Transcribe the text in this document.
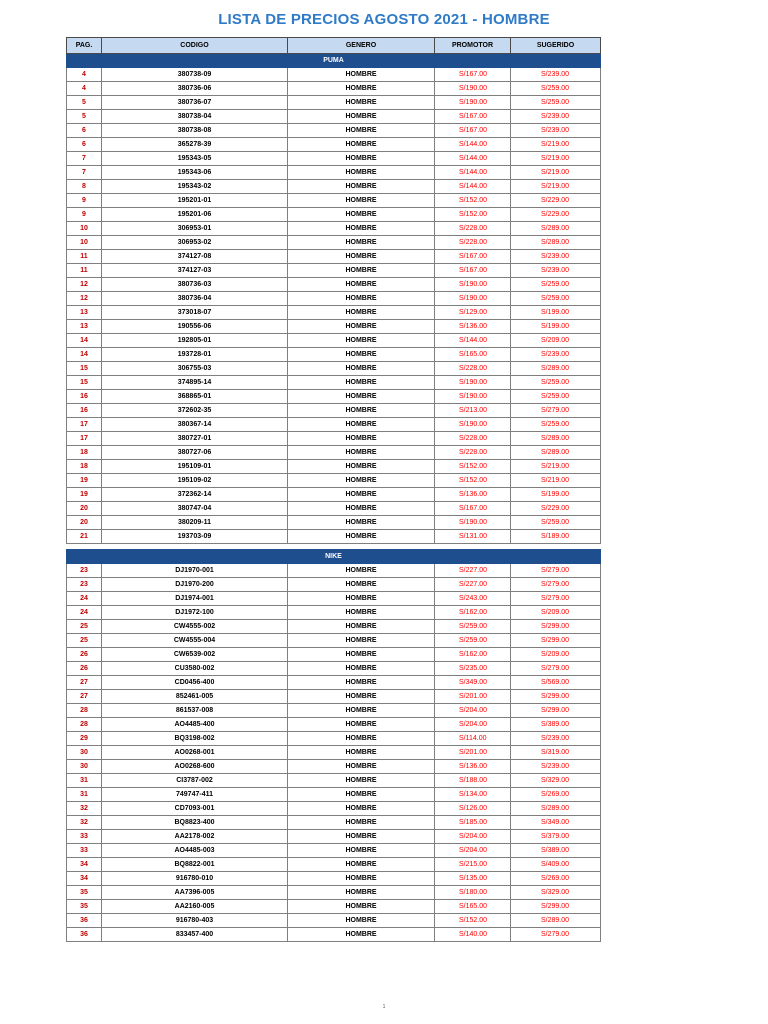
LISTA DE PRECIOS AGOSTO 2021 - HOMBRE
PAG.	CODIGO	GENERO	PROMOTOR	SUGERIDO
PUMA				
4	380738-09	HOMBRE	S/167.00	S/239.00
4	380736-06	HOMBRE	S/190.00	S/259.00
5	380736-07	HOMBRE	S/190.00	S/259.00
5	380738-04	HOMBRE	S/167.00	S/239.00
6	380738-08	HOMBRE	S/167.00	S/239.00
6	365278-39	HOMBRE	S/144.00	S/219.00
7	195343-05	HOMBRE	S/144.00	S/219.00
7	195343-06	HOMBRE	S/144.00	S/219.00
8	195343-02	HOMBRE	S/144.00	S/219.00
9	195201-01	HOMBRE	S/152.00	S/229.00
9	195201-06	HOMBRE	S/152.00	S/229.00
10	306953-01	HOMBRE	S/228.00	S/289.00
10	306953-02	HOMBRE	S/228.00	S/289.00
11	374127-08	HOMBRE	S/167.00	S/239.00
11	374127-03	HOMBRE	S/167.00	S/239.00
12	380736-03	HOMBRE	S/190.00	S/259.00
12	380736-04	HOMBRE	S/190.00	S/259.00
13	373018-07	HOMBRE	S/129.00	S/199.00
13	190556-06	HOMBRE	S/136.00	S/199.00
14	192805-01	HOMBRE	S/144.00	S/209.00
14	193728-01	HOMBRE	S/165.00	S/239.00
15	306755-03	HOMBRE	S/228.00	S/289.00
15	374895-14	HOMBRE	S/190.00	S/259.00
16	368865-01	HOMBRE	S/190.00	S/259.00
16	372602-35	HOMBRE	S/213.00	S/279.00
17	380367-14	HOMBRE	S/190.00	S/259.00
17	380727-01	HOMBRE	S/228.00	S/289.00
18	380727-06	HOMBRE	S/228.00	S/289.00
18	195109-01	HOMBRE	S/152.00	S/219.00
19	195109-02	HOMBRE	S/152.00	S/219.00
19	372362-14	HOMBRE	S/136.00	S/199.00
20	380747-04	HOMBRE	S/167.00	S/229.00
20	380209-11	HOMBRE	S/190.00	S/259.00
21	193703-09	HOMBRE	S/131.00	S/189.00

NIKE				
23	DJ1970-001	HOMBRE	S/227.00	S/279.00
23	DJ1970-200	HOMBRE	S/227.00	S/279.00
24	DJ1974-001	HOMBRE	S/243.00	S/279.00
24	DJ1972-100	HOMBRE	S/162.00	S/209.00
25	CW4555-002	HOMBRE	S/259.00	S/299.00
25	CW4555-004	HOMBRE	S/259.00	S/299.00
26	CW6539-002	HOMBRE	S/162.00	S/209.00
26	CU3580-002	HOMBRE	S/235.00	S/279.00
27	CD0456-400	HOMBRE	S/349.00	S/569.00
27	852461-005	HOMBRE	S/201.00	S/299.00
28	861537-008	HOMBRE	S/204.00	S/299.00
28	AO4485-400	HOMBRE	S/204.00	S/389.00
29	BQ3198-002	HOMBRE	S/114.00	S/239.00
30	AO0268-001	HOMBRE	S/201.00	S/319.00
30	AO0268-600	HOMBRE	S/136.00	S/239.00
31	CI3787-002	HOMBRE	S/188.00	S/329.00
31	749747-411	HOMBRE	S/134.00	S/269.00
32	CD7093-001	HOMBRE	S/126.00	S/289.00
32	BQ8823-400	HOMBRE	S/185.00	S/349.00
33	AA2178-002	HOMBRE	S/204.00	S/379.00
33	AO4485-003	HOMBRE	S/204.00	S/389.00
34	BQ8822-001	HOMBRE	S/215.00	S/409.00
34	916780-010	HOMBRE	S/135.00	S/269.00
35	AA7396-005	HOMBRE	S/180.00	S/329.00
35	AA2160-005	HOMBRE	S/165.00	S/299.00
36	916780-403	HOMBRE	S/152.00	S/289.00
36	833457-400	HOMBRE	S/140.00	S/279.00
1
